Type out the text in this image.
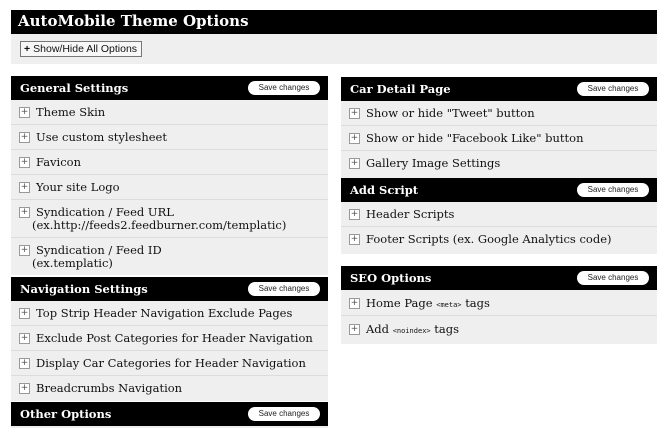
AutoMobile Theme Options
+ Show/Hide All Options
General Settings	Save changes
+ Theme Skin
+ Use custom stylesheet
+ Favicon
+ Your site Logo
+ Syndication / Feed URL
(ex.http://feeds2.feedburner.com/templatic)
+ Syndication / Feed ID
(ex.templatic)
Navigation Settings	Save changes
+ Top Strip Header Navigation Exclude Pages
+ Exclude Post Categories for Header Navigation
+ Display Car Categories for Header Navigation
+ Breadcrumbs Navigation
Other Options	Save changes
Car Detail Page	Save changes
+ Show or hide "Tweet" button
+ Show or hide "Facebook Like" button
+ Gallery Image Settings
Add Script	Save changes
+ Header Scripts
+ Footer Scripts (ex. Google Analytics code)
SEO Options	Save changes
+ Home Page <meta> tags
+ Add <noindex> tags
